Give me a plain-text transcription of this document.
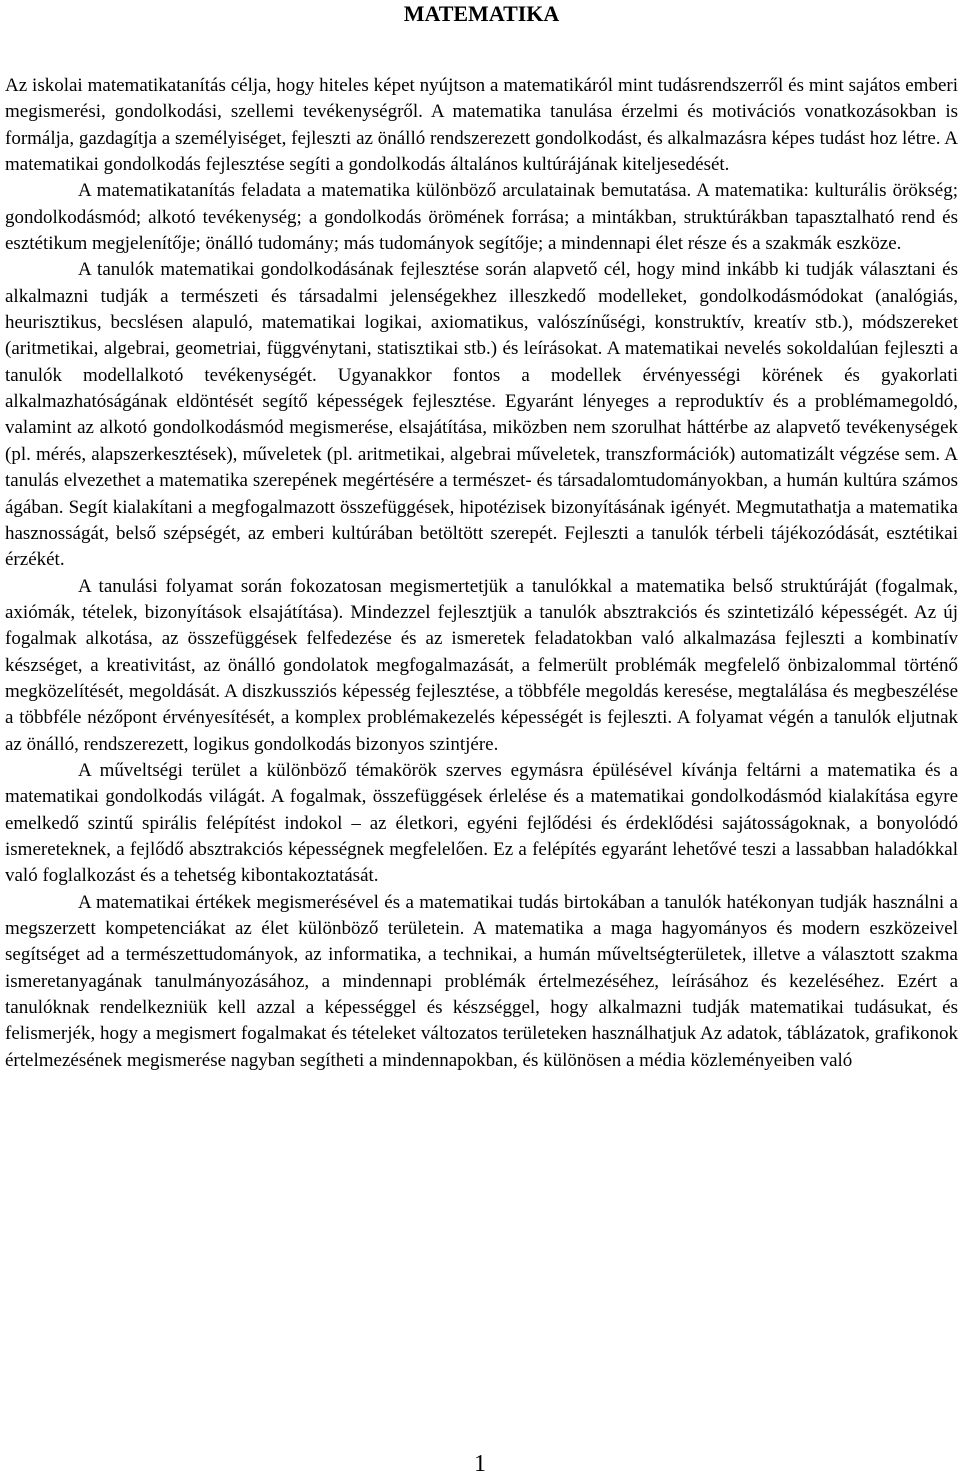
MATEMATIKA

Az iskolai matematikatanítás célja, hogy hiteles képet nyújtson a matematikáról mint tudásrendszerről és mint sajátos emberi megismerési, gondolkodási, szellemi tevékenységről. A matematika tanulása érzelmi és motivációs vonatkozásokban is formálja, gazdagítja a személyiséget, fejleszti az önálló rendszerezett gondolkodást, és alkalmazásra képes tudást hoz létre. A matematikai gondolkodás fejlesztése segíti a gondolkodás általános kultúrájának kiteljesedését.

A matematikatanítás feladata a matematika különböző arculatainak bemutatása. A matematika: kulturális örökség; gondolkodásmód; alkotó tevékenység; a gondolkodás örömének forrása; a mintákban, struktúrákban tapasztalható rend és esztétikum megjelenítője; önálló tudomány; más tudományok segítője; a mindennapi élet része és a szakmák eszköze.

A tanulók matematikai gondolkodásának fejlesztése során alapvető cél, hogy mind inkább ki tudják választani és alkalmazni tudják a természeti és társadalmi jelenségekhez illeszkedő modelleket, gondolkodásmódokat (analógiás, heurisztikus, becslésen alapuló, matematikai logikai, axiomatikus, valószínűségi, konstruktív, kreatív stb.), módszereket (aritmetikai, algebrai, geometriai, függvénytani, statisztikai stb.) és leírásokat. A matematikai nevelés sokoldalúan fejleszti a tanulók modellalkotó tevékenységét. Ugyanakkor fontos a modellek érvényességi körének és gyakorlati alkalmazhatóságának eldöntését segítő képességek fejlesztése. Egyaránt lényeges a reproduktív és a problémamegoldó, valamint az alkotó gondolkodásmód megismerése, elsajátítása, miközben nem szorulhat háttérbe az alapvető tevékenységek (pl. mérés, alapszerkesztések), műveletek (pl. aritmetikai, algebrai műveletek, transzformációk) automatizált végzése sem. A tanulás elvezethet a matematika szerepének megértésére a természet- és társadalomtudományokban, a humán kultúra számos ágában. Segít kialakítani a megfogalmazott összefüggések, hipotézisek bizonyításának igényét. Megmutathatja a matematika hasznosságát, belső szépségét, az emberi kultúrában betöltött szerepét. Fejleszti a tanulók térbeli tájékozódását, esztétikai érzékét.

A tanulási folyamat során fokozatosan megismertetjük a tanulókkal a matematika belső struktúráját (fogalmak, axiómák, tételek, bizonyítások elsajátítása). Mindezzel fejlesztjük a tanulók absztrakciós és szintetizáló képességét. Az új fogalmak alkotása, az összefüggések felfedezése és az ismeretek feladatokban való alkalmazása fejleszti a kombinatív készséget, a kreativitást, az önálló gondolatok megfogalmazását, a felmerült problémák megfelelő önbizalommal történő megközelítését, megoldását. A diszkussziós képesség fejlesztése, a többféle megoldás keresése, megtalálása és megbeszélése a többféle nézőpont érvényesítését, a komplex problémakezelés képességét is fejleszti. A folyamat végén a tanulók eljutnak az önálló, rendszerezett, logikus gondolkodás bizonyos szintjére.

A műveltségi terület a különböző témakörök szerves egymásra épülésével kívánja feltárni a matematika és a matematikai gondolkodás világát. A fogalmak, összefüggések érlelése és a matematikai gondolkodásmód kialakítása egyre emelkedő szintű spirális felépítést indokol – az életkori, egyéni fejlődési és érdeklődési sajátosságoknak, a bonyolódó ismereteknek, a fejlődő absztrakciós képességnek megfelelően. Ez a felépítés egyaránt lehetővé teszi a lassabban haladókkal való foglalkozást és a tehetség kibontakoztatását.

A matematikai értékek megismerésével és a matematikai tudás birtokában a tanulók hatékonyan tudják használni a megszerzett kompetenciákat az élet különböző területein. A matematika a maga hagyományos és modern eszközeivel segítséget ad a természettudományok, az informatika, a technikai, a humán műveltségterületek, illetve a választott szakma ismeretanyagának tanulmányozásához, a mindennapi problémák értelmezéséhez, leírásához és kezeléséhez. Ezért a tanulóknak rendelkezniük kell azzal a képességgel és készséggel, hogy alkalmazni tudják matematikai tudásukat, és felismerjék, hogy a megismert fogalmakat és tételeket változatos területeken használhatjuk Az adatok, táblázatok, grafikonok értelmezésének megismerése nagyban segítheti a mindennapokban, és különösen a média közleményeiben való

1
